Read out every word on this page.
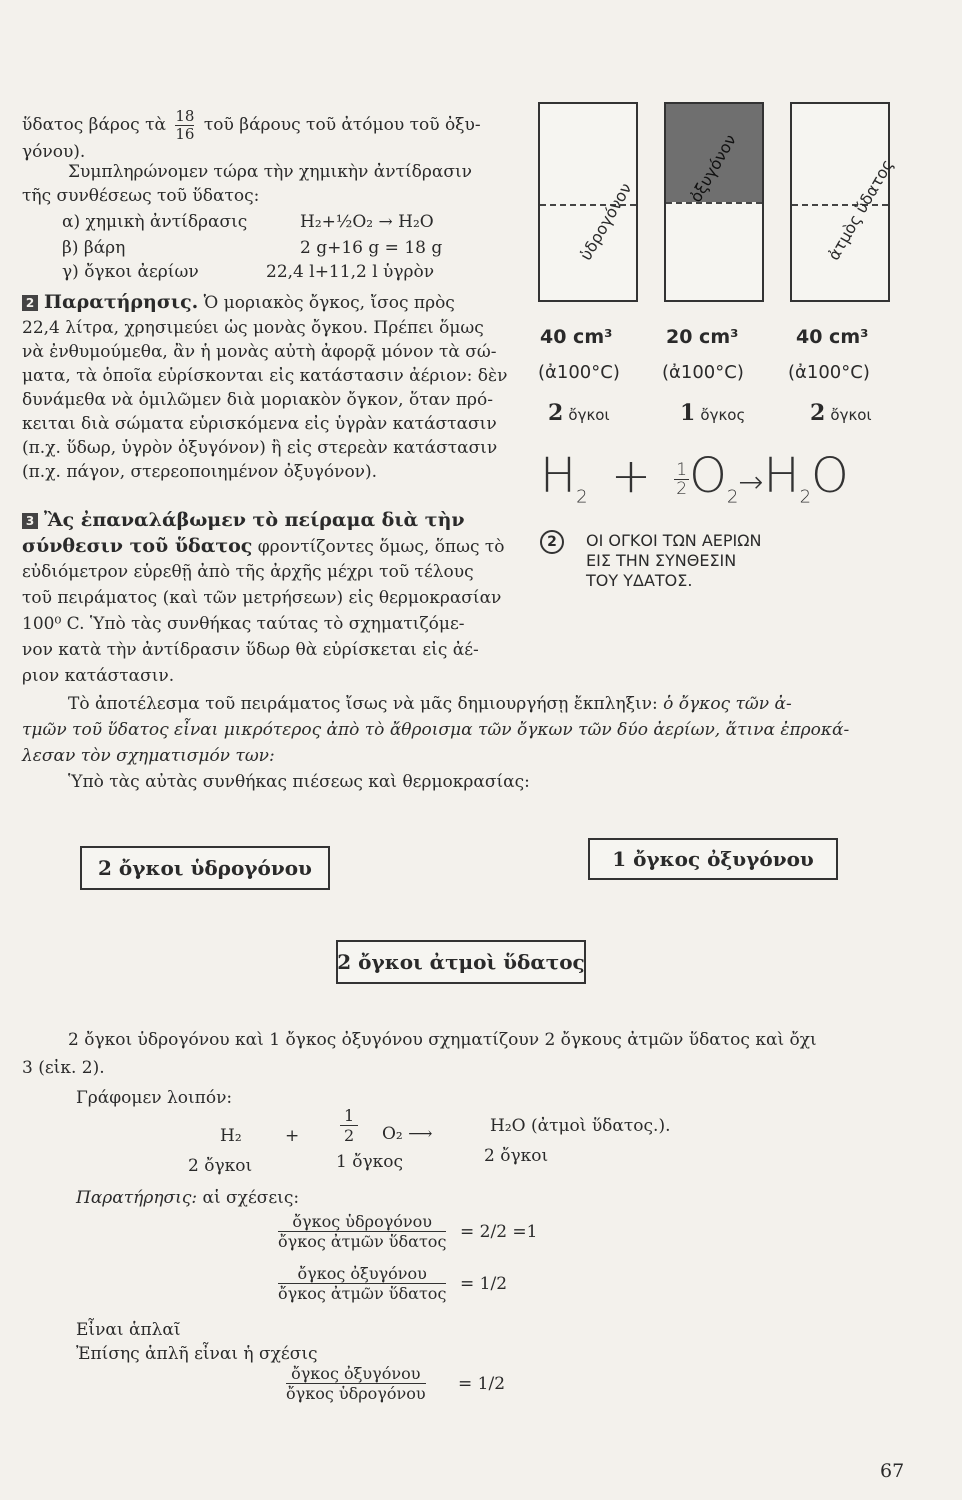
ὕδατος βάρος τὰ $\frac{18}{16}$ τοῦ βάρους τοῦ ἀτόμου τοῦ ὀξυ-
γόνου).
Συμπληρώνομεν τώρα τὴν χημικὴν ἀντίδρασιν
τῆς συνθέσεως τοῦ ὕδατος:
α) χημικὴ ἀντίδρασις	H₂+½O₂ → H₂O
β) βάρη	2 g+16 g = 18 g
γ) ὄγκοι ἀερίων	22,4 l+11,2 l ὑγρὸν
2 Παρατήρησις. Ὁ μοριακὸς ὄγκος, ἴσος πρὸς
22,4 λίτρα, χρησιμεύει ὡς μονὰς ὄγκου. Πρέπει ὅμως
νὰ ἐνθυμούμεθα, ἂν ἡ μονὰς αὐτὴ ἀφορᾷ μόνον τὰ σώ-
ματα, τὰ ὁποῖα εὑρίσκονται εἰς κατάστασιν ἀέριον: δὲν
δυνάμεθα νὰ ὁμιλῶμεν διὰ μοριακὸν ὄγκον, ὅταν πρό-
κειται διὰ σώματα εὑρισκόμενα εἰς ὑγρὰν κατάστασιν
(π.χ. ὕδωρ, ὑγρὸν ὀξυγόνον) ἢ εἰς στερεὰν κατάστασιν
(π.χ. πάγον, στερεοποιημένον ὀξυγόνον).
3 Ἂς ἐπαναλάβωμεν τὸ πείραμα διὰ τὴν
σύνθεσιν τοῦ ὕδατος φροντίζοντες ὅμως, ὅπως τὸ
εὐδιόμετρον εὑρεθῇ ἀπὸ τῆς ἀρχῆς μέχρι τοῦ τέλους
τοῦ πειράματος (καὶ τῶν μετρήσεων) εἰς θερμοκρασίαν
100⁰ C. Ὑπὸ τὰς συνθήκας ταύτας τὸ σχηματιζόμε-
νον κατὰ τὴν ἀντίδρασιν ὕδωρ θὰ εὑρίσκεται εἰς ἀέ-
ριον κατάστασιν.
ὑδρογόνον
ὀξυγόνον	ἀτμὸς ὕδατος
40 cm³	20 cm³	40 cm³
(ἀ100°C) (ἀ100°C) (ἀ100°C)
2 ὄγκοι	1 ὄγκος	2 ὄγκοι
$H_2 + \frac{1}{2} O_2\to H_2O$
2	ΟΙ ΟΓΚΟΙ ΤΩΝ ΑΕΡΙΩΝ
ΕΙΣ ΤΗΝ ΣΥΝΘΕΣΙΝ
ΤΟΥ ΥΔΑΤΟΣ.
Τὸ ἀποτέλεσμα τοῦ πειράματος ἴσως νὰ μᾶς δημιουργήσῃ ἔκπληξιν: ὁ ὄγκος τῶν ἀ-
τμῶν τοῦ ὕδατος εἶναι μικρότερος ἀπὸ τὸ ἄθροισμα τῶν ὄγκων τῶν δύο ἀερίων, ἅτινα ἐπροκά-
λεσαν τὸν σχηματισμόν των:
Ὑπὸ τὰς αὐτὰς συνθήκας πιέσεως καὶ θερμοκρασίας:
2 ὄγκοι ὑδρογόνου	1 ὄγκος ὀξυγόνου
2 ὄγκοι ἀτμοὶ ὕδατος
2 ὄγκοι ὑδρογόνου καὶ 1 ὄγκος ὀξυγόνου σχηματίζουν 2 ὄγκους ἀτμῶν ὕδατος καὶ ὄχι
3 (εἰκ. 2).
Γράφομεν λοιπόν:
H₂	+	$\frac{1}{2} O_2$ ⟶	H₂O (ἀτμοὶ ὕδατος.).
2 ὄγκοι	1 ὄγκος	2 ὄγκοι
Παρατήρησις: αἱ σχέσεις:
ὄγκος ὑδρογόνου
ὄγκος ἀτμῶν ὕδατος = 2/2 =1
ὄγκος ὀξυγόνου
ὄγκος ἀτμῶν ὕδατος = 1/2
Εἶναι ἁπλαῖ
Ἐπίσης ἁπλῆ εἶναι ἡ σχέσις
ὄγκος ὀξυγόνου
ὄγκος ὑδρογόνου = 1/2
67
